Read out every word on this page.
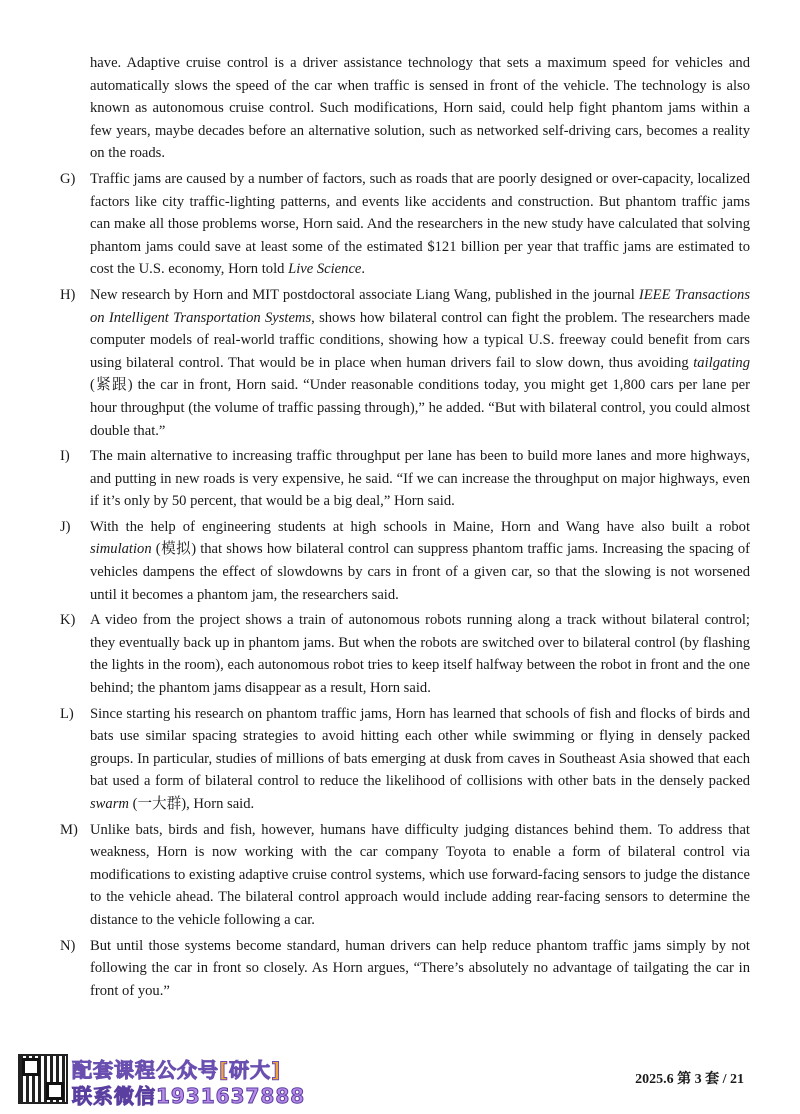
have. Adaptive cruise control is a driver assistance technology that sets a maximum speed for vehicles and automatically slows the speed of the car when traffic is sensed in front of the vehicle. The technology is also known as autonomous cruise control. Such modifications, Horn said, could help fight phantom jams within a few years, maybe decades before an alternative solution, such as networked self-driving cars, becomes a reality on the roads.

G) Traffic jams are caused by a number of factors, such as roads that are poorly designed or over-capacity, localized factors like city traffic-lighting patterns, and events like accidents and construction. But phantom traffic jams can make all those problems worse, Horn said. And the researchers in the new study have calculated that solving phantom jams could save at least some of the estimated $121 billion per year that traffic jams are estimated to cost the U.S. economy, Horn told Live Science.

H) New research by Horn and MIT postdoctoral associate Liang Wang, published in the journal IEEE Transactions on Intelligent Transportation Systems, shows how bilateral control can fight the problem. The researchers made computer models of real-world traffic conditions, showing how a typical U.S. freeway could benefit from cars using bilateral control. That would be in place when human drivers fail to slow down, thus avoiding tailgating (紧跟) the car in front, Horn said. “Under reasonable conditions today, you might get 1,800 cars per lane per hour throughput (the volume of traffic passing through),” he added. “But with bilateral control, you could almost double that.”

I) The main alternative to increasing traffic throughput per lane has been to build more lanes and more highways, and putting in new roads is very expensive, he said. “If we can increase the throughput on major highways, even if it’s only by 50 percent, that would be a big deal,” Horn said.

J) With the help of engineering students at high schools in Maine, Horn and Wang have also built a robot simulation (模拟) that shows how bilateral control can suppress phantom traffic jams. Increasing the spacing of vehicles dampens the effect of slowdowns by cars in front of a given car, so that the slowing is not worsened until it becomes a phantom jam, the researchers said.

K) A video from the project shows a train of autonomous robots running along a track without bilateral control; they eventually back up in phantom jams. But when the robots are switched over to bilateral control (by flashing the lights in the room), each autonomous robot tries to keep itself halfway between the robot in front and the one behind; the phantom jams disappear as a result, Horn said.

L) Since starting his research on phantom traffic jams, Horn has learned that schools of fish and flocks of birds and bats use similar spacing strategies to avoid hitting each other while swimming or flying in densely packed groups. In particular, studies of millions of bats emerging at dusk from caves in Southeast Asia showed that each bat used a form of bilateral control to reduce the likelihood of collisions with other bats in the densely packed swarm (一大群), Horn said.

M) Unlike bats, birds and fish, however, humans have difficulty judging distances behind them. To address that weakness, Horn is now working with the car company Toyota to enable a form of bilateral control via modifications to existing adaptive cruise control systems, which use forward-facing sensors to judge the distance to the vehicle ahead. The bilateral control approach would include adding rear-facing sensors to determine the distance to the vehicle following a car.

N) But until those systems become standard, human drivers can help reduce phantom traffic jams simply by not following the car in front so closely. As Horn argues, “There’s absolutely no advantage of tailgating the car in front of you.”

配套课程公众号[研大]
联系微信1931637888
2025.6 第 3 套 / 21
